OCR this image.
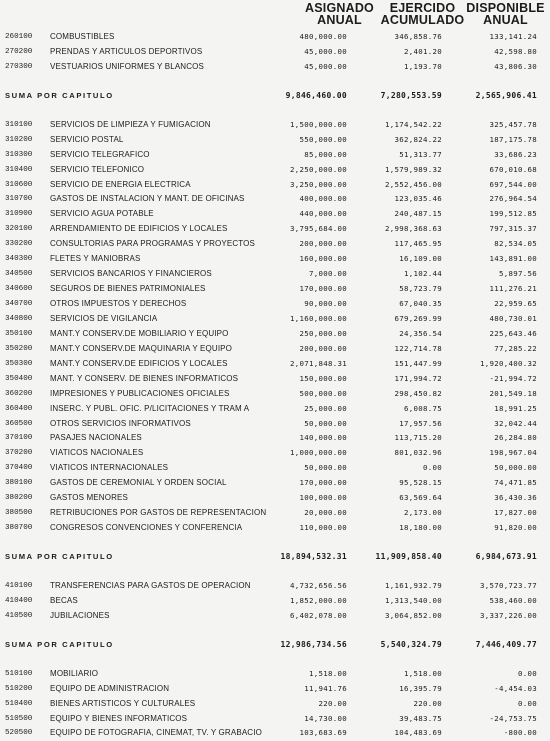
ASIGNADO
ANUAL
EJERCIDO
ACUMULADO
DISPONIBLE
ANUAL
260100 COMBUSTIBLES	480,000.00	346,858.76	133,141.24
270200 PRENDAS Y ARTICULOS DEPORTIVOS	45,000.00	2,401.20	42,598.80
270300 VESTUARIOS UNIFORMES Y BLANCOS	45,000.00	1,193.70	43,806.30
SUMA POR CAPITULO	9,846,460.00	7,280,553.59	2,565,906.41
310100 SERVICIOS DE LIMPIEZA Y FUMIGACION	1,500,000.00	1,174,542.22	325,457.78
310200 SERVICIO POSTAL	550,000.00	362,824.22	187,175.78
310300 SERVICIO TELEGRAFICO	85,000.00	51,313.77	33,686.23
310400 SERVICIO TELEFONICO	2,250,000.00	1,579,989.32	670,010.68
310600 SERVICIO DE ENERGIA ELECTRICA	3,250,000.00	2,552,456.00	697,544.00
310700 GASTOS DE INSTALACION Y MANT. DE OFICINAS	400,000.00	123,035.46	276,964.54
310900 SERVICIO AGUA POTABLE	440,000.00	240,487.15	199,512.85
320100 ARRENDAMIENTO DE EDIFICIOS Y LOCALES	3,795,684.00	2,998,368.63	797,315.37
330200 CONSULTORIAS PARA PROGRAMAS Y PROYECTOS	200,000.00	117,465.95	82,534.05
340300 FLETES Y MANIOBRAS	160,000.00	16,109.00	143,891.00
340500 SERVICIOS BANCARIOS Y FINANCIEROS	7,000.00	1,102.44	5,897.56
340600 SEGUROS DE BIENES PATRIMONIALES	170,000.00	58,723.79	111,276.21
340700 OTROS IMPUESTOS Y DERECHOS	90,000.00	67,040.35	22,959.65
340800 SERVICIOS DE VIGILANCIA	1,160,000.00	679,269.99	480,730.01
350100 MANT.Y CONSERV.DE MOBILIARIO Y EQUIPO	250,000.00	24,356.54	225,643.46
350200 MANT.Y CONSERV.DE MAQUINARIA Y EQUIPO	200,000.00	122,714.78	77,285.22
350300 MANT.Y CONSERV.DE EDIFICIOS Y LOCALES	2,071,848.31	151,447.99	1,920,400.32
350400 MANT. Y CONSERV. DE BIENES INFORMATICOS	150,000.00	171,994.72	-21,994.72
360200 IMPRESIONES Y PUBLICACIONES OFICIALES	500,000.00	298,450.82	201,549.18
360400 INSERC. Y PUBL. OFIC. P/LICITACIONES Y TRAM A	25,000.00	6,008.75	18,991.25
360500 OTROS SERVICIOS INFORMATIVOS	50,000.00	17,957.56	32,042.44
370100 PASAJES NACIONALES	140,000.00	113,715.20	26,284.80
370200 VIATICOS NACIONALES	1,000,000.00	801,032.96	198,967.04
370400 VIATICOS INTERNACIONALES	50,000.00	0.00	50,000.00
380100 GASTOS DE CEREMONIAL Y ORDEN SOCIAL	170,000.00	95,528.15	74,471.85
380200 GASTOS MENORES	100,000.00	63,569.64	36,430.36
380500 RETRIBUCIONES POR GASTOS DE REPRESENTACION	20,000.00	2,173.00	17,827.00
380700 CONGRESOS CONVENCIONES Y CONFERENCIA	110,000.00	18,180.00	91,820.00
SUMA POR CAPITULO	18,894,532.31	11,909,858.40	6,984,673.91
410100 TRANSFERENCIAS PARA GASTOS DE OPERACION	4,732,656.56	1,161,932.79	3,570,723.77
410400 BECAS	1,852,000.00	1,313,540.00	538,460.00
410500 JUBILACIONES	6,402,078.00	3,064,852.00	3,337,226.00
SUMA POR CAPITULO	12,986,734.56	5,540,324.79	7,446,409.77
510100 MOBILIARIO	1,518.00	1,518.00	0.00
510200 EQUIPO DE ADMINISTRACION	11,941.76	16,395.79	-4,454.03
510400 BIENES ARTISTICOS Y CULTURALES	220.00	220.00	0.00
510500 EQUIPO Y BIENES INFORMATICOS	14,730.00	39,483.75	-24,753.75
520500 EQUIPO DE FOTOGRAFIA, CINEMAT, TV. Y GRABACIO	103,683.69	104,483.69	-800.00
